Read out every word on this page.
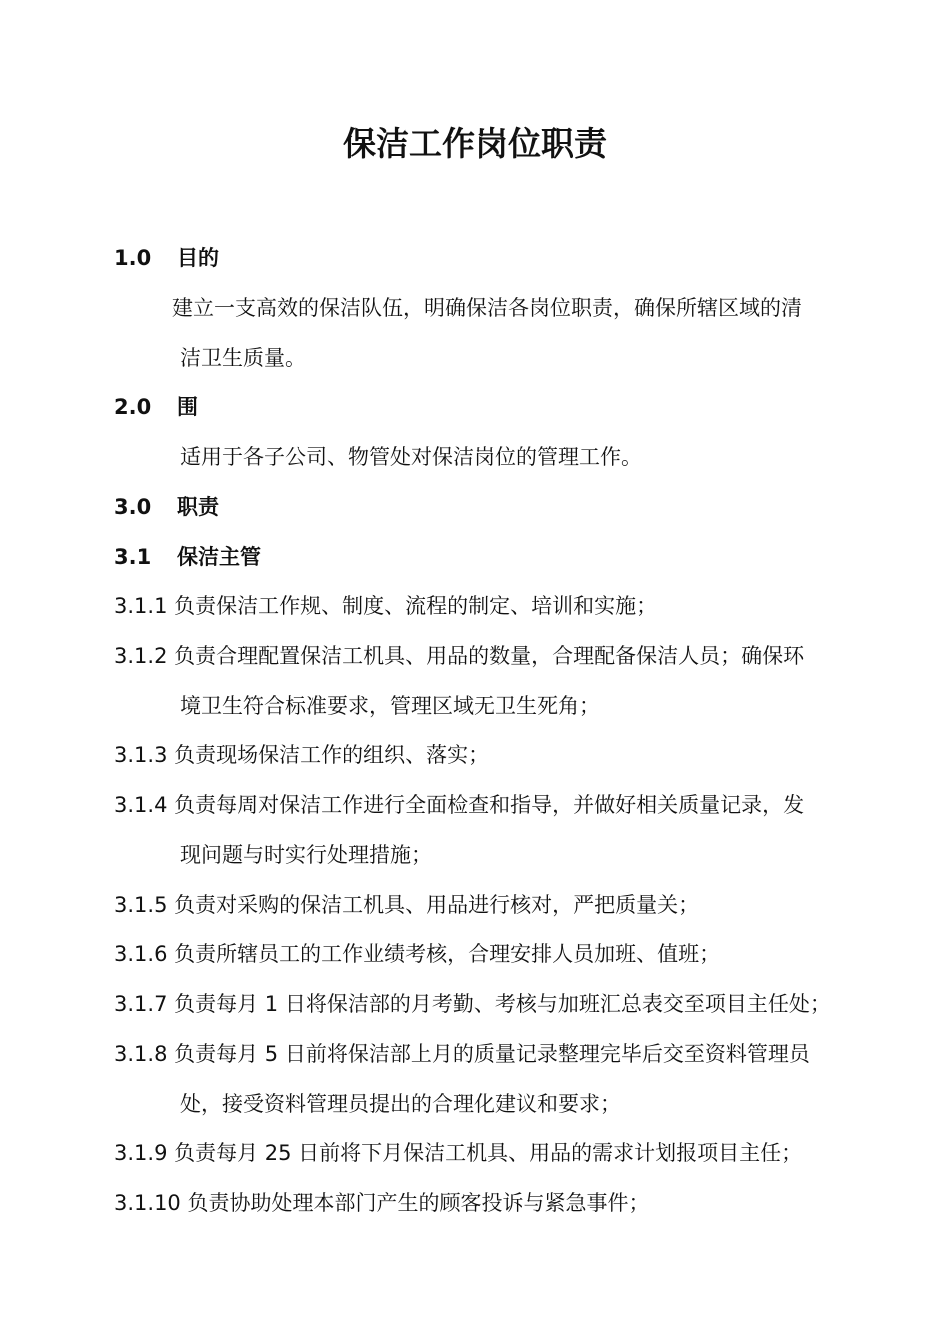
保洁工作岗位职责
1.0 目的
建立一支高效的保洁队伍，明确保洁各岗位职责，确保所辖区域的清
洁卫生质量。
2.0 围
适用于各子公司、物管处对保洁岗位的管理工作。
3.0 职责
3.1 保洁主管
3.1.1 负责保洁工作规、制度、流程的制定、培训和实施；
3.1.2 负责合理配置保洁工机具、用品的数量，合理配备保洁人员；确保环
境卫生符合标准要求，管理区域无卫生死角；
3.1.3 负责现场保洁工作的组织、落实；
3.1.4 负责每周对保洁工作进行全面检查和指导，并做好相关质量记录，发
现问题与时实行处理措施；
3.1.5 负责对采购的保洁工机具、用品进行核对，严把质量关；
3.1.6 负责所辖员工的工作业绩考核，合理安排人员加班、值班；
3.1.7 负责每月 1 日将保洁部的月考勤、考核与加班汇总表交至项目主任处；
3.1.8 负责每月 5 日前将保洁部上月的质量记录整理完毕后交至资料管理员
处，接受资料管理员提出的合理化建议和要求；
3.1.9 负责每月 25 日前将下月保洁工机具、用品的需求计划报项目主任；
3.1.10 负责协助处理本部门产生的顾客投诉与紧急事件；
